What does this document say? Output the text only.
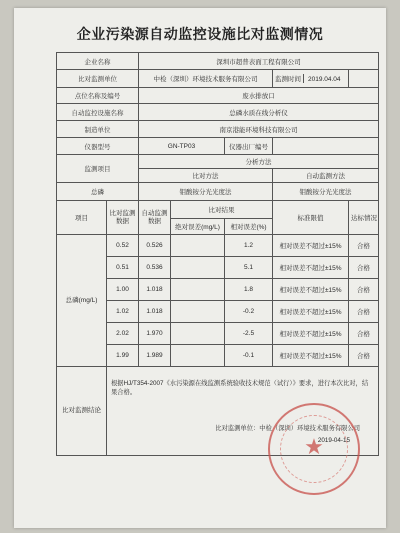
企业污染源自动监控设施比对监测情况
企业名称		深圳市超普表面工程有限公司				
比对监测单位		中检（深圳）环境技术服务有限公司			监测时间 2019.04.04	
点位名称及编号		废水排放口				
自动监控设施名称		总磷水质在线分析仪				
制造单位		南京港能环境科技有限公司				
仪器型号		GN-TP03		仪器出厂编号		
监测项目		分析方法				
		比对方法			自动监测方法	
总磷		钼酸铵分光光度法			钼酸铵分光光度法	
项目	比对监测数据	自动监测数据	比对结果		标准限值	达标情况
			绝对误差(mg/L)	相对误差(%)		
总磷(mg/L)	0.52	0.526		1.2	相对误差不超过±15%	合格
	0.51	0.536		5.1	相对误差不超过±15%	合格
	1.00	1.018		1.8	相对误差不超过±15%	合格
	1.02	1.018		-0.2	相对误差不超过±15%	合格
	2.02	1.970		-2.5	相对误差不超过±15%	合格
	1.99	1.989		-0.1	相对误差不超过±15%	合格
比对监测结论	根据HJ/T354-2007《水污染源在线监测系统验收技术规范（试行）》要求，进行本次比对，结果合格。
比对监测单位：中检（深圳）环境技术服务有限公司
2019-04-15					
★
